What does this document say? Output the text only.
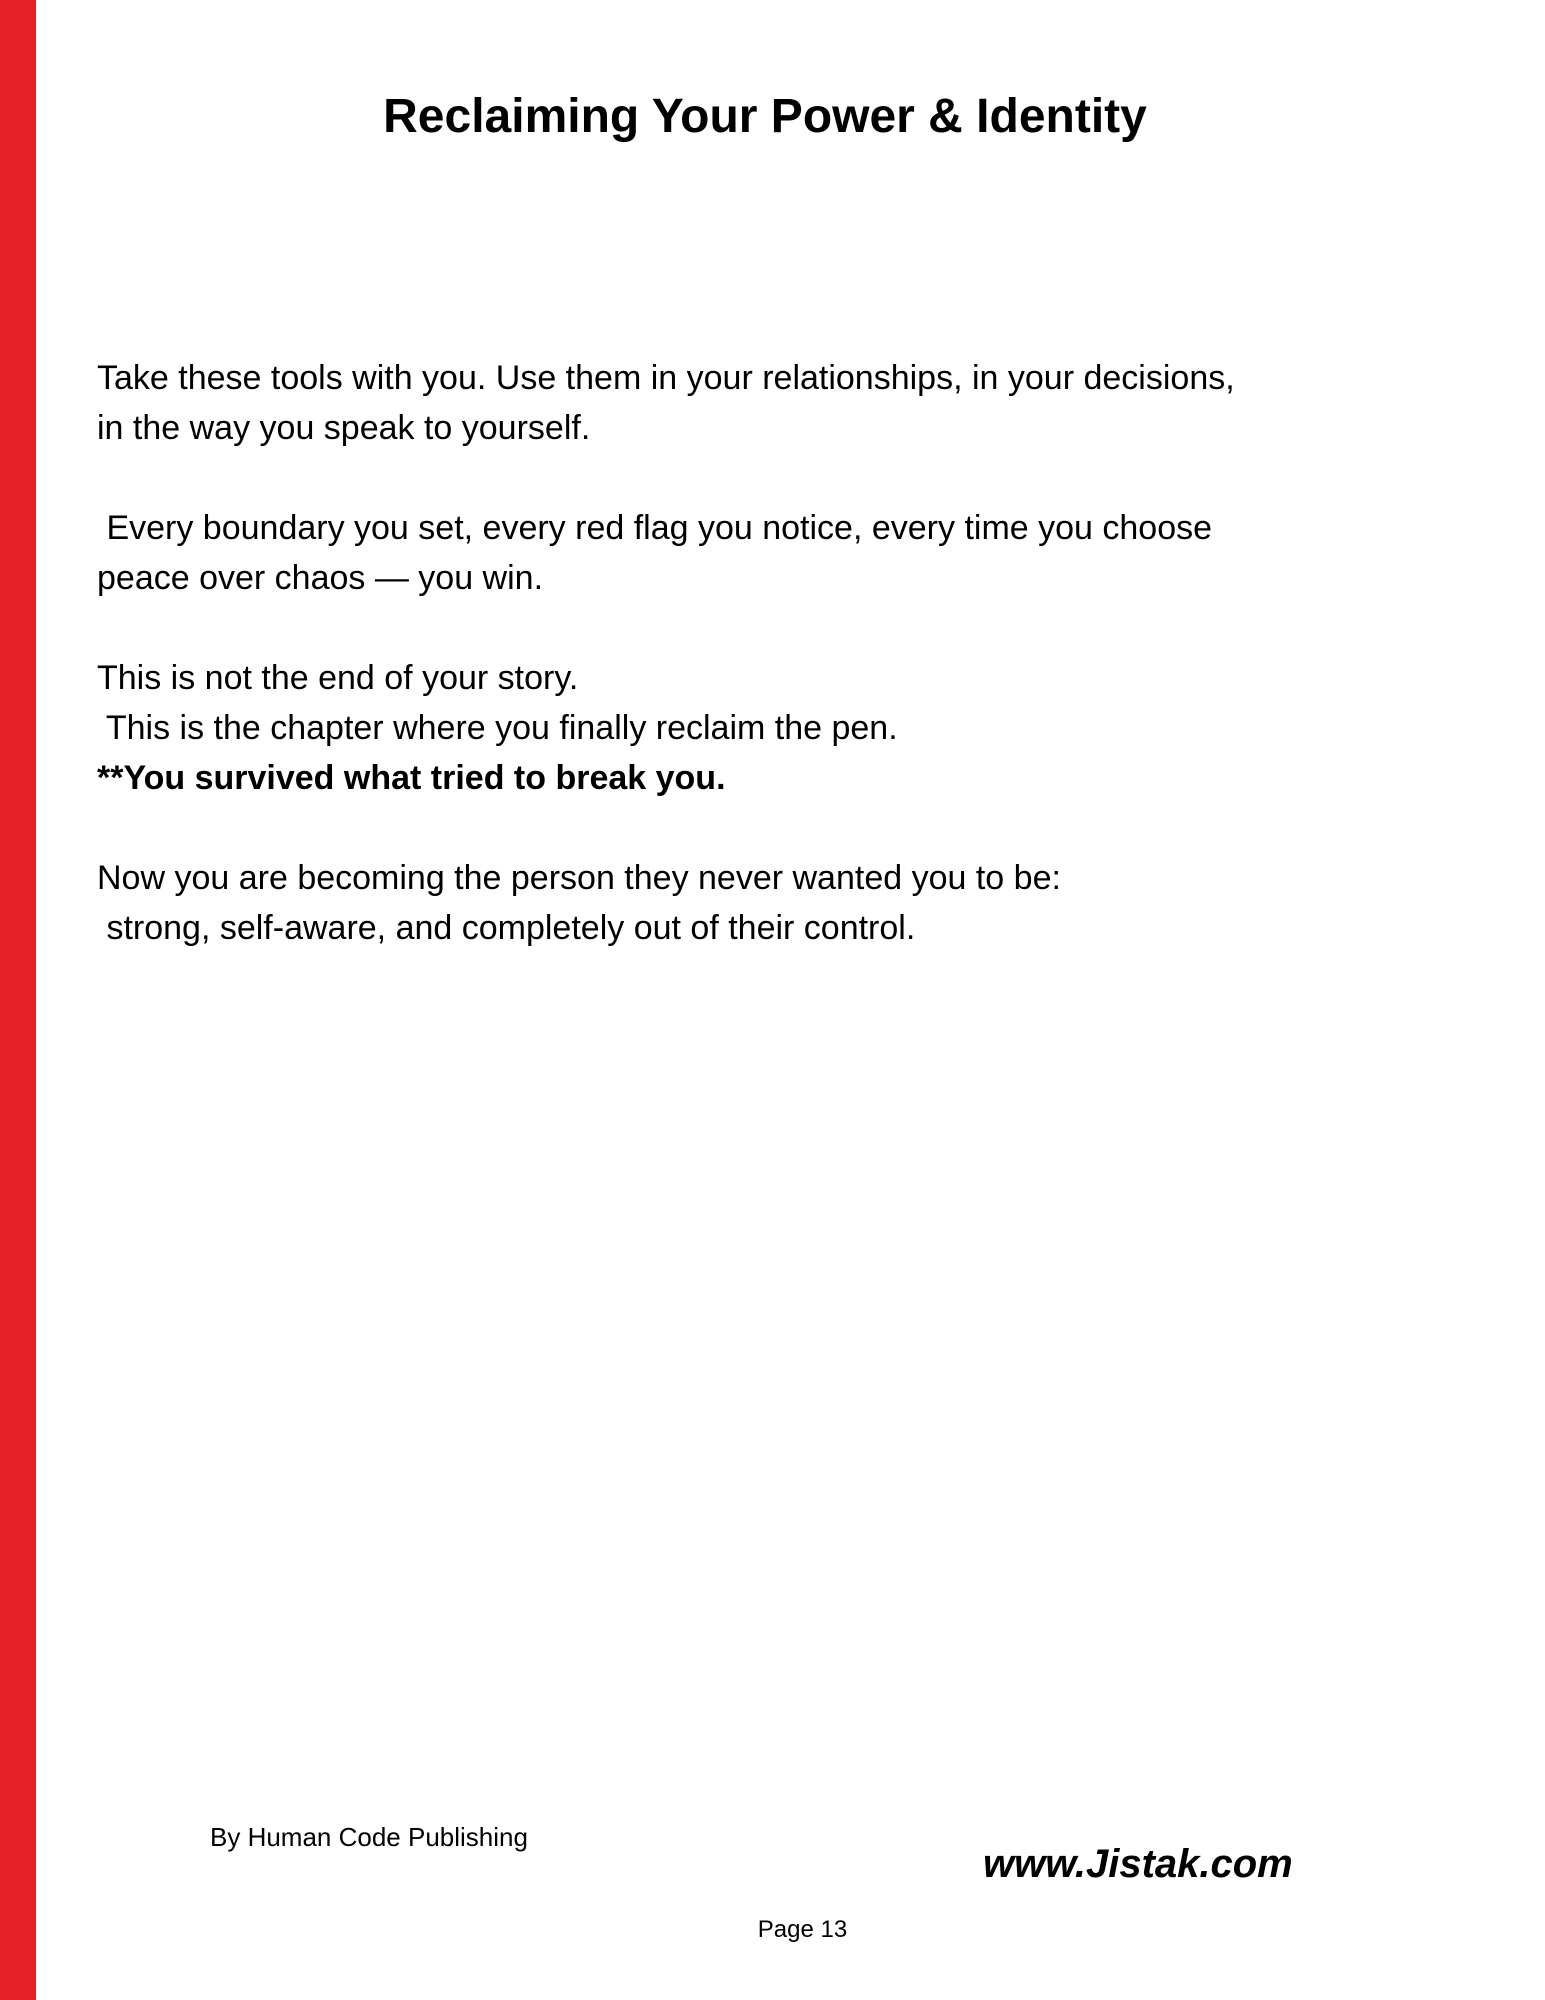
Reclaiming Your Power & Identity

Take these tools with you. Use them in your relationships, in your decisions,
in the way you speak to yourself.

Every boundary you set, every red flag you notice, every time you choose
peace over chaos — you win.

This is not the end of your story.
This is the chapter where you finally reclaim the pen.
**You survived what tried to break you.

Now you are becoming the person they never wanted you to be:
strong, self-aware, and completely out of their control.

By Human Code Publishing
www.Jistak.com
Page 13
